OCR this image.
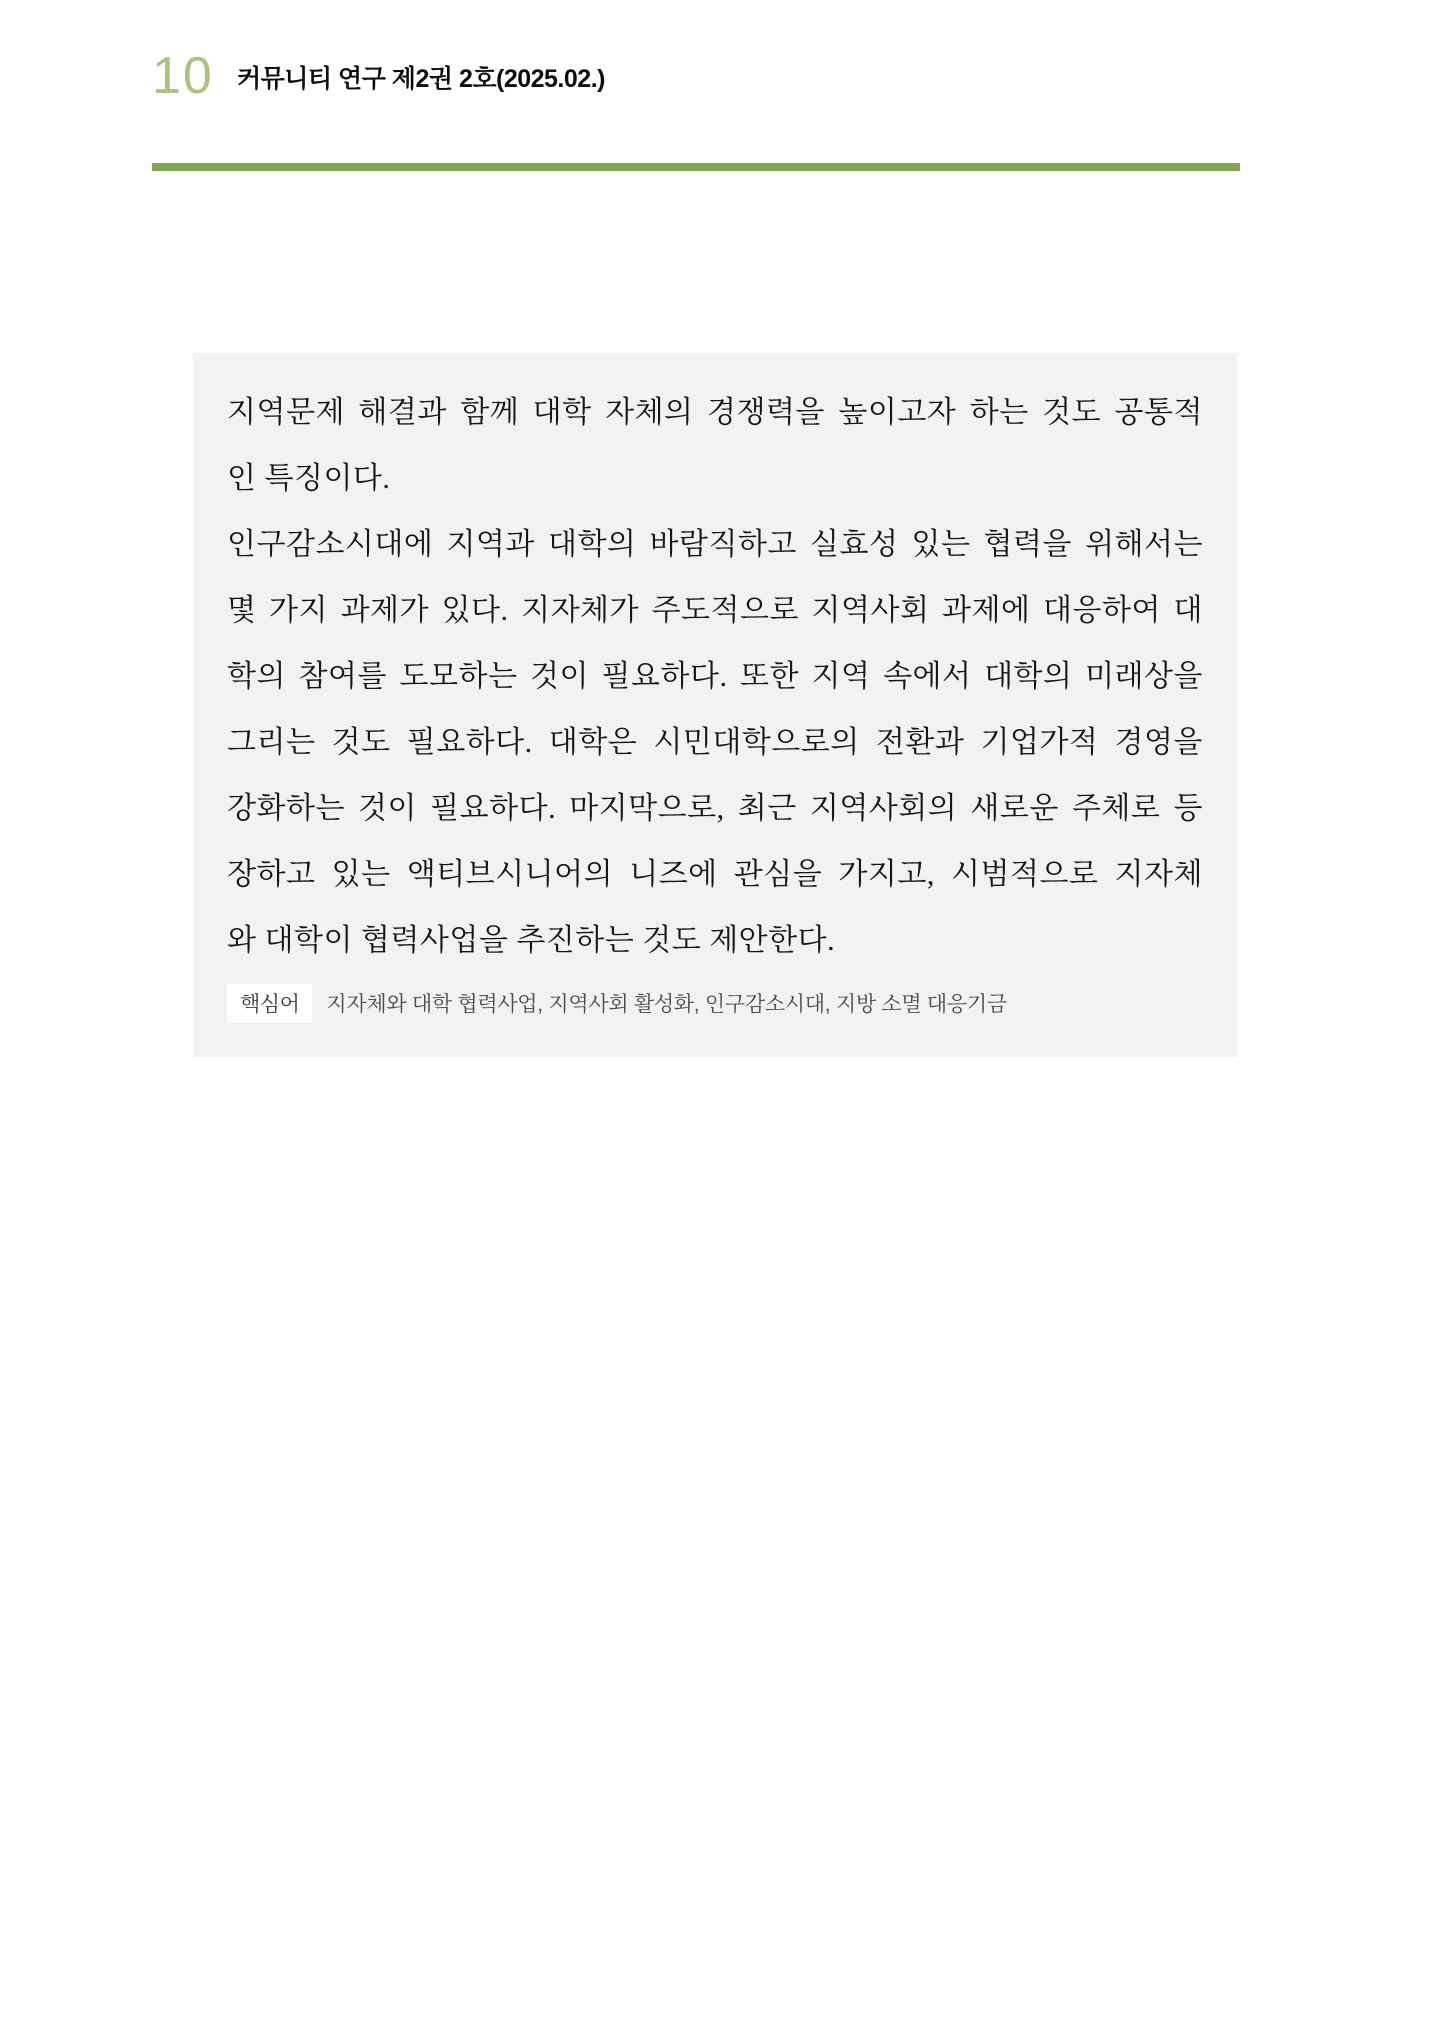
10 커뮤니티 연구 제2권 2호(2025.02.)
지역문제 해결과 함께 대학 자체의 경쟁력을 높이고자 하는 것도 공통적
인 특징이다.
인구감소시대에 지역과 대학의 바람직하고 실효성 있는 협력을 위해서는
몇 가지 과제가 있다. 지자체가 주도적으로 지역사회 과제에 대응하여 대
학의 참여를 도모하는 것이 필요하다. 또한 지역 속에서 대학의 미래상을
그리는 것도 필요하다. 대학은 시민대학으로의 전환과 기업가적 경영을
강화하는 것이 필요하다. 마지막으로, 최근 지역사회의 새로운 주체로 등
장하고 있는 액티브시니어의 니즈에 관심을 가지고, 시범적으로 지자체
와 대학이 협력사업을 추진하는 것도 제안한다.
핵심어	지자체와 대학 협력사업, 지역사회 활성화, 인구감소시대, 지방 소멸 대응기금
